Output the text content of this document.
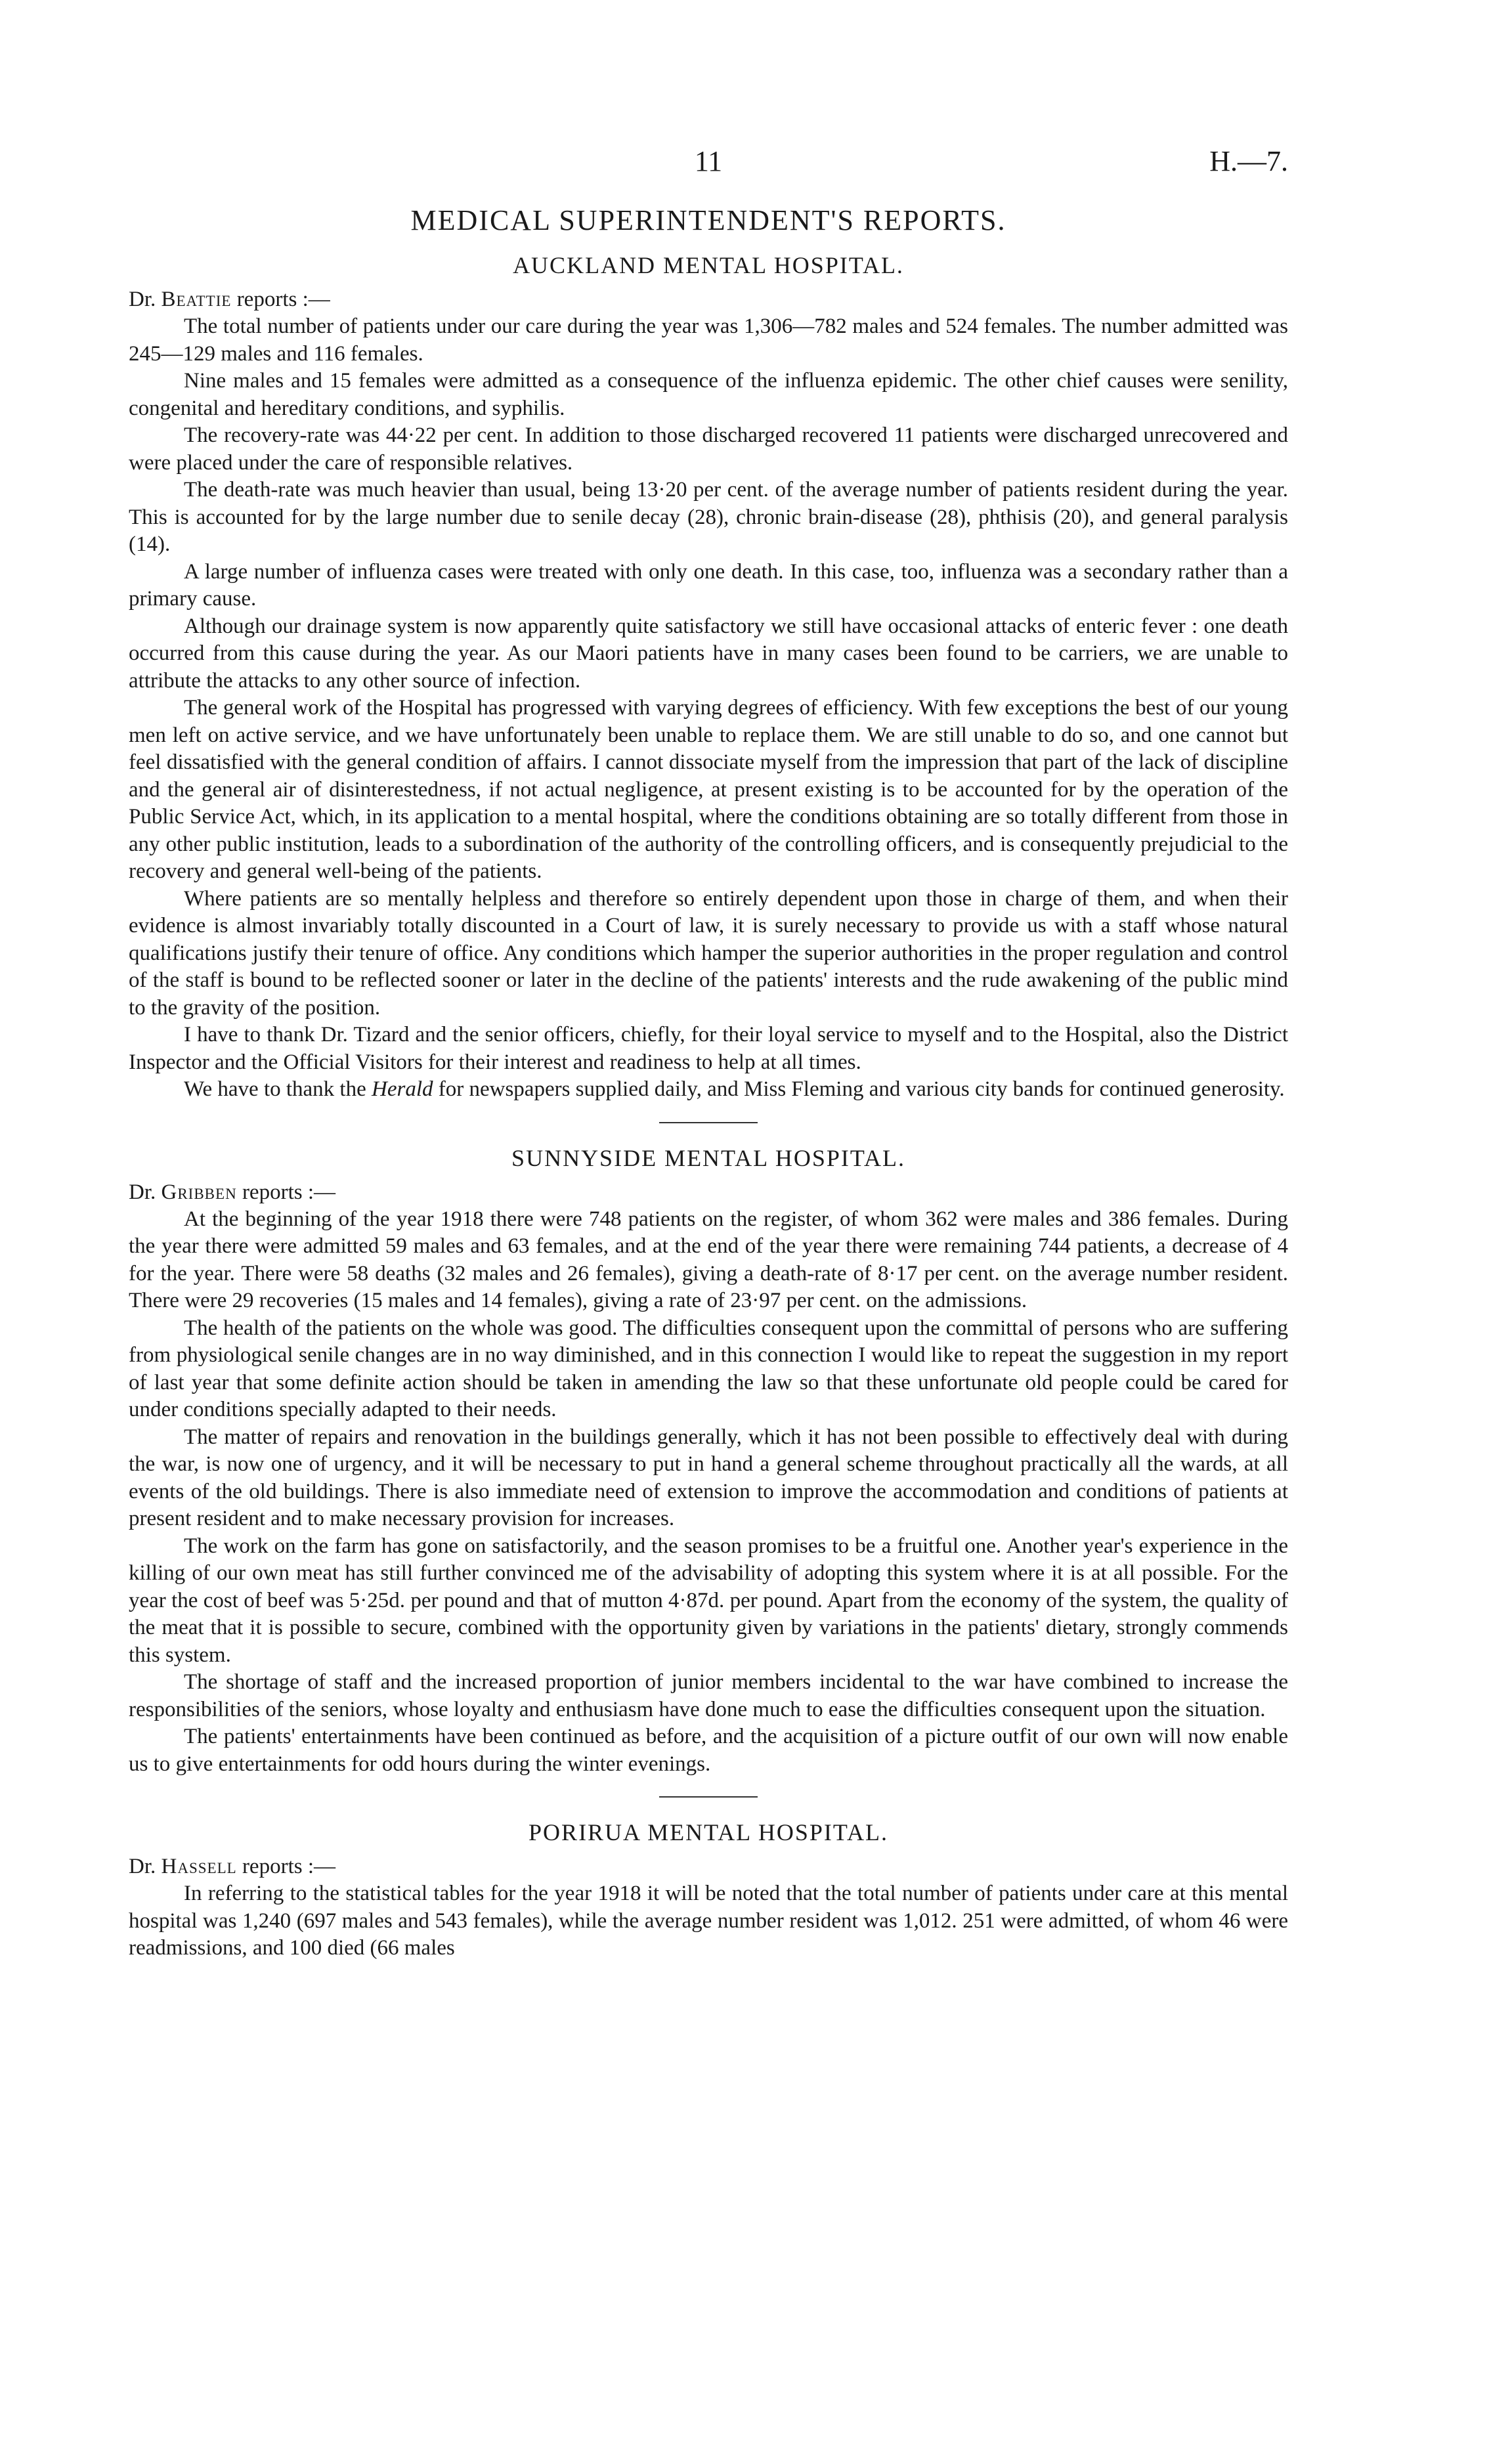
11	H.—7.
MEDICAL SUPERINTENDENT'S REPORTS.
AUCKLAND MENTAL HOSPITAL.
Dr. Beattie reports :—

The total number of patients under our care during the year was 1,306—782 males and 524 females. The number admitted was 245—129 males and 116 females.

Nine males and 15 females were admitted as a consequence of the influenza epidemic. The other chief causes were senility, congenital and hereditary conditions, and syphilis.

The recovery-rate was 44·22 per cent. In addition to those discharged recovered 11 patients were discharged unrecovered and were placed under the care of responsible relatives.

The death-rate was much heavier than usual, being 13·20 per cent. of the average number of patients resident during the year. This is accounted for by the large number due to senile decay (28), chronic brain-disease (28), phthisis (20), and general paralysis (14).

A large number of influenza cases were treated with only one death. In this case, too, influenza was a secondary rather than a primary cause.

Although our drainage system is now apparently quite satisfactory we still have occasional attacks of enteric fever : one death occurred from this cause during the year. As our Maori patients have in many cases been found to be carriers, we are unable to attribute the attacks to any other source of infection.

The general work of the Hospital has progressed with varying degrees of efficiency. With few exceptions the best of our young men left on active service, and we have unfortunately been unable to replace them. We are still unable to do so, and one cannot but feel dissatisfied with the general condition of affairs. I cannot dissociate myself from the impression that part of the lack of discipline and the general air of disinterestedness, if not actual negligence, at present existing is to be accounted for by the operation of the Public Service Act, which, in its application to a mental hospital, where the conditions obtaining are so totally different from those in any other public institution, leads to a subordination of the authority of the controlling officers, and is consequently prejudicial to the recovery and general well-being of the patients.

Where patients are so mentally helpless and therefore so entirely dependent upon those in charge of them, and when their evidence is almost invariably totally discounted in a Court of law, it is surely necessary to provide us with a staff whose natural qualifications justify their tenure of office. Any conditions which hamper the superior authorities in the proper regulation and control of the staff is bound to be reflected sooner or later in the decline of the patients' interests and the rude awakening of the public mind to the gravity of the position.

I have to thank Dr. Tizard and the senior officers, chiefly, for their loyal service to myself and to the Hospital, also the District Inspector and the Official Visitors for their interest and readiness to help at all times.

We have to thank the Herald for newspapers supplied daily, and Miss Fleming and various city bands for continued generosity.

SUNNYSIDE MENTAL HOSPITAL.
Dr. Gribben reports :—

At the beginning of the year 1918 there were 748 patients on the register, of whom 362 were males and 386 females. During the year there were admitted 59 males and 63 females, and at the end of the year there were remaining 744 patients, a decrease of 4 for the year. There were 58 deaths (32 males and 26 females), giving a death-rate of 8·17 per cent. on the average number resident. There were 29 recoveries (15 males and 14 females), giving a rate of 23·97 per cent. on the admissions.

The health of the patients on the whole was good. The difficulties consequent upon the committal of persons who are suffering from physiological senile changes are in no way diminished, and in this connection I would like to repeat the suggestion in my report of last year that some definite action should be taken in amending the law so that these unfortunate old people could be cared for under conditions specially adapted to their needs.

The matter of repairs and renovation in the buildings generally, which it has not been possible to effectively deal with during the war, is now one of urgency, and it will be necessary to put in hand a general scheme throughout practically all the wards, at all events of the old buildings. There is also immediate need of extension to improve the accommodation and conditions of patients at present resident and to make necessary provision for increases.

The work on the farm has gone on satisfactorily, and the season promises to be a fruitful one. Another year's experience in the killing of our own meat has still further convinced me of the advisability of adopting this system where it is at all possible. For the year the cost of beef was 5·25d. per pound and that of mutton 4·87d. per pound. Apart from the economy of the system, the quality of the meat that it is possible to secure, combined with the opportunity given by variations in the patients' dietary, strongly commends this system.

The shortage of staff and the increased proportion of junior members incidental to the war have combined to increase the responsibilities of the seniors, whose loyalty and enthusiasm have done much to ease the difficulties consequent upon the situation.

The patients' entertainments have been continued as before, and the acquisition of a picture outfit of our own will now enable us to give entertainments for odd hours during the winter evenings.

PORIRUA MENTAL HOSPITAL.
Dr. Hassell reports :—

In referring to the statistical tables for the year 1918 it will be noted that the total number of patients under care at this mental hospital was 1,240 (697 males and 543 females), while the average number resident was 1,012. 251 were admitted, of whom 46 were readmissions, and 100 died (66 males
